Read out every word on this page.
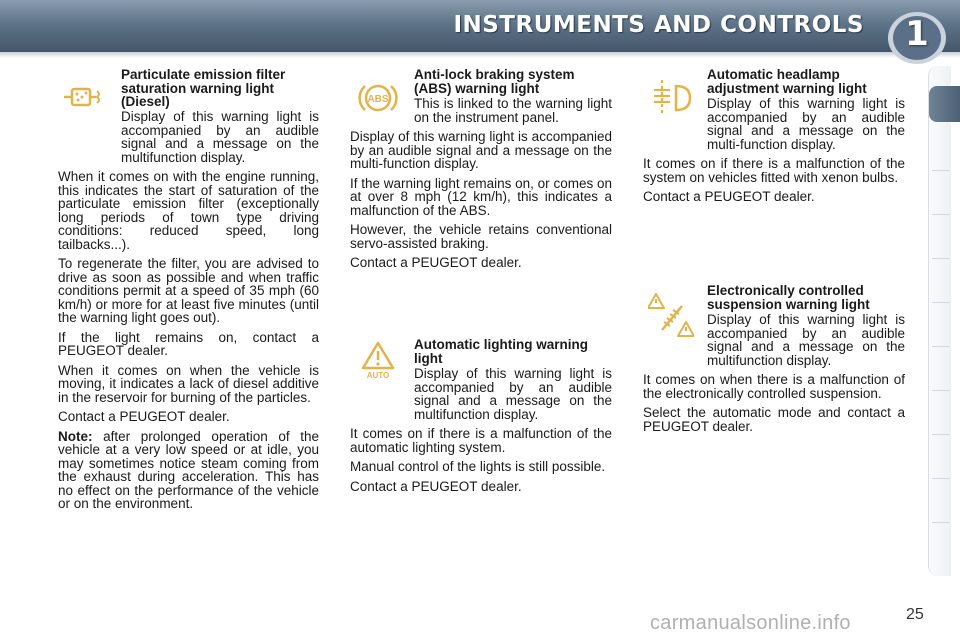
INSTRUMENTS AND CONTROLS	1
ABS
AUTO

Particulate emission filter saturation warning light (Diesel)

Display of this warning light is accompanied by an audible signal and a message on the multifunction display.

When it comes on with the engine running, this indicates the start of saturation of the particulate emission filter (exceptionally long periods of town type driving conditions: reduced speed, long tailbacks...).

To regenerate the filter, you are advised to drive as soon as possible and when traffic conditions permit at a speed of 35 mph (60 km/h) or more for at least five minutes (until the warning light goes out).

If the light remains on, contact a PEUGEOT dealer.

When it comes on when the vehicle is moving, it indicates a lack of diesel additive in the reservoir for burning of the particles.

Contact a PEUGEOT dealer.

Note: after prolonged operation of the vehicle at a very low speed or at idle, you may sometimes notice steam coming from the exhaust during acceleration. This has no effect on the performance of the vehicle or on the environment.

Anti-lock braking system (ABS) warning light

This is linked to the warning light on the instrument panel.

Display of this warning light is accompanied by an audible signal and a message on the multi-function display.

If the warning light remains on, or comes on at over 8 mph (12 km/h), this indicates a malfunction of the ABS.

However, the vehicle retains conventional servo-assisted braking.

Contact a PEUGEOT dealer.

Automatic lighting warning light

Display of this warning light is accompanied by an audible signal and a message on the multifunction display.

It comes on if there is a malfunction of the automatic lighting system.

Manual control of the lights is still possible.

Contact a PEUGEOT dealer.

Automatic headlamp adjustment warning light

Display of this warning light is accompanied by an audible signal and a message on the multi-function display.

It comes on if there is a malfunction of the system on vehicles fitted with xenon bulbs.

Contact a PEUGEOT dealer.

Electronically controlled suspension warning light

Display of this warning light is accompanied by an audible signal and a message on the multifunction display.

It comes on when there is a malfunction of the electronically controlled suspension.

Select the automatic mode and contact a PEUGEOT dealer.

carmanualsonline.info	25
